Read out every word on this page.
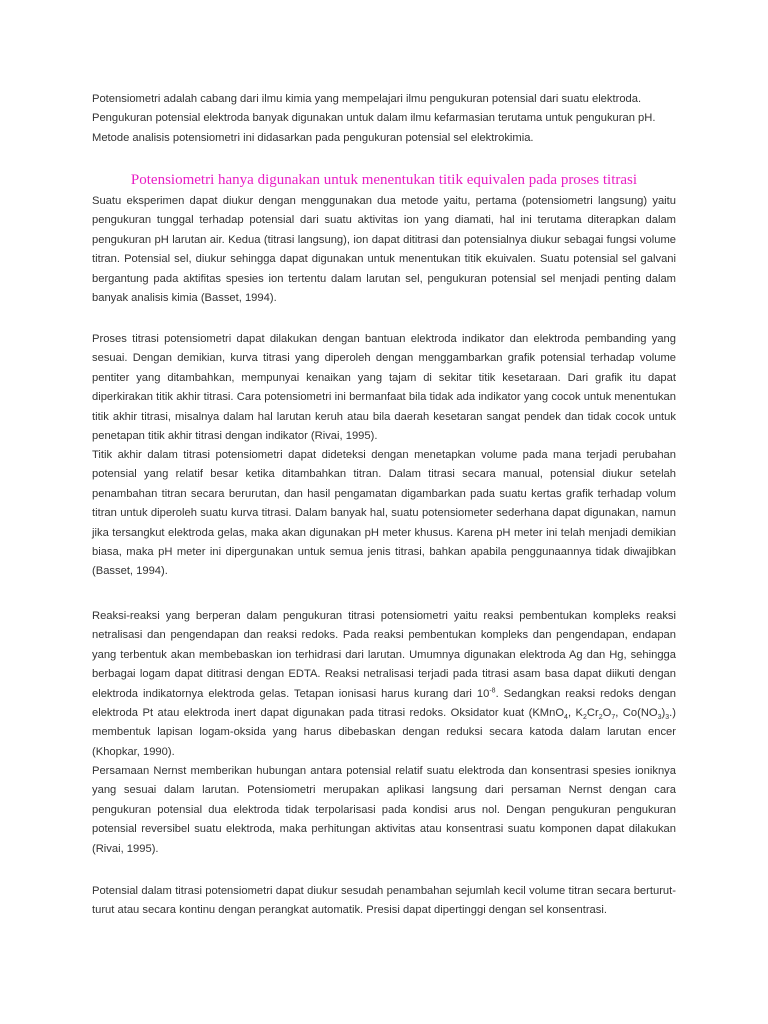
Potensiometri adalah cabang dari ilmu kimia yang mempelajari ilmu pengukuran potensial dari suatu elektroda. Pengukuran potensial elektroda banyak digunakan untuk dalam ilmu kefarmasian terutama untuk pengukuran pH. Metode analisis potensiometri ini didasarkan pada pengukuran potensial sel elektrokimia.

Potensiometri hanya digunakan untuk menentukan titik equivalen pada proses titrasi

Suatu eksperimen dapat diukur dengan menggunakan dua metode yaitu, pertama (potensiometri langsung) yaitu pengukuran tunggal terhadap potensial dari suatu aktivitas ion yang diamati, hal ini terutama diterapkan dalam pengukuran pH larutan air. Kedua (titrasi langsung), ion dapat dititrasi dan potensialnya diukur sebagai fungsi volume titran. Potensial sel, diukur sehingga dapat digunakan untuk menentukan titik ekuivalen. Suatu potensial sel galvani bergantung pada aktifitas spesies ion tertentu dalam larutan sel, pengukuran potensial sel menjadi penting dalam banyak analisis kimia (Basset, 1994).

Proses titrasi potensiometri dapat dilakukan dengan bantuan elektroda indikator dan elektroda pembanding yang sesuai. Dengan demikian, kurva titrasi yang diperoleh dengan menggambarkan grafik potensial terhadap volume pentiter yang ditambahkan, mempunyai kenaikan yang tajam di sekitar titik kesetaraan. Dari grafik itu dapat diperkirakan titik akhir titrasi. Cara potensiometri ini bermanfaat bila tidak ada indikator yang cocok untuk menentukan titik akhir titrasi, misalnya dalam hal larutan keruh atau bila daerah kesetaran sangat pendek dan tidak cocok untuk penetapan titik akhir titrasi dengan indikator (Rivai, 1995).

Titik akhir dalam titrasi potensiometri dapat dideteksi dengan menetapkan volume pada mana terjadi perubahan potensial yang relatif besar ketika ditambahkan titran. Dalam titrasi secara manual, potensial diukur setelah penambahan titran secara berurutan, dan hasil pengamatan digambarkan pada suatu kertas grafik terhadap volum titran untuk diperoleh suatu kurva titrasi. Dalam banyak hal, suatu potensiometer sederhana dapat digunakan, namun jika tersangkut elektroda gelas, maka akan digunakan pH meter khusus. Karena pH meter ini telah menjadi demikian biasa, maka pH meter ini dipergunakan untuk semua jenis titrasi, bahkan apabila penggunaannya tidak diwajibkan (Basset, 1994).

Reaksi-reaksi yang berperan dalam pengukuran titrasi potensiometri yaitu reaksi pembentukan kompleks reaksi netralisasi dan pengendapan dan reaksi redoks. Pada reaksi pembentukan kompleks dan pengendapan, endapan yang terbentuk akan membebaskan ion terhidrasi dari larutan. Umumnya digunakan elektroda Ag dan Hg, sehingga berbagai logam dapat dititrasi dengan EDTA. Reaksi netralisasi terjadi pada titrasi asam basa dapat diikuti dengan elektroda indikatornya elektroda gelas. Tetapan ionisasi harus kurang dari $10^{-8}$. Sedangkan reaksi redoks dengan elektroda Pt atau elektroda inert dapat digunakan pada titrasi redoks. Oksidator kuat (KMnO$_4$, $K_2Cr_2O_7$, $Co(NO_3)_3$.) membentuk lapisan logam-oksida yang harus dibebaskan dengan reduksi secara katoda dalam larutan encer (Khopkar, 1990).

Persamaan Nernst memberikan hubungan antara potensial relatif suatu elektroda dan konsentrasi spesies ioniknya yang sesuai dalam larutan. Potensiometri merupakan aplikasi langsung dari persaman Nernst dengan cara pengukuran potensial dua elektroda tidak terpolarisasi pada kondisi arus nol. Dengan pengukuran pengukuran potensial reversibel suatu elektroda, maka perhitungan aktivitas atau konsentrasi suatu komponen dapat dilakukan (Rivai, 1995).

Potensial dalam titrasi potensiometri dapat diukur sesudah penambahan sejumlah kecil volume titran secara berturut-turut atau secara kontinu dengan perangkat automatik. Presisi dapat dipertinggi dengan sel konsentrasi.
